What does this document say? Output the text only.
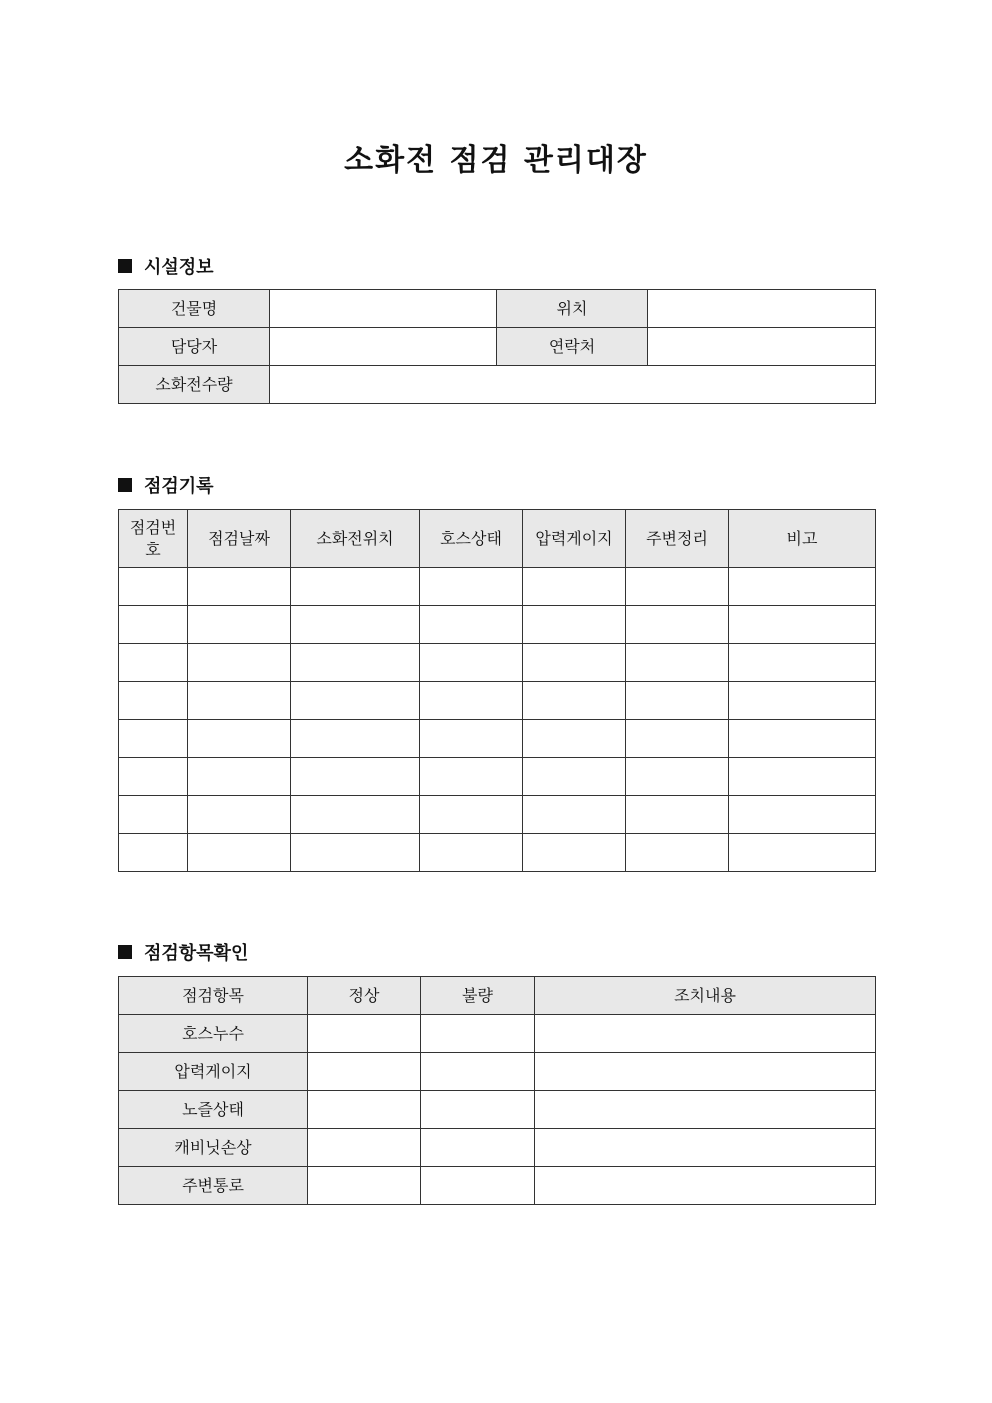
소화전 점검 관리대장
시설정보
건물명		위치	
담당자		연락처	
소화전수량			
점검기록
점검번호	점검날짜	소화전위치	호스상태	압력게이지	주변정리	비고

점검항목확인
점검항목	정상	불량	조치내용
호스누수			
압력게이지			
노즐상태			
캐비닛손상			
주변통로			
